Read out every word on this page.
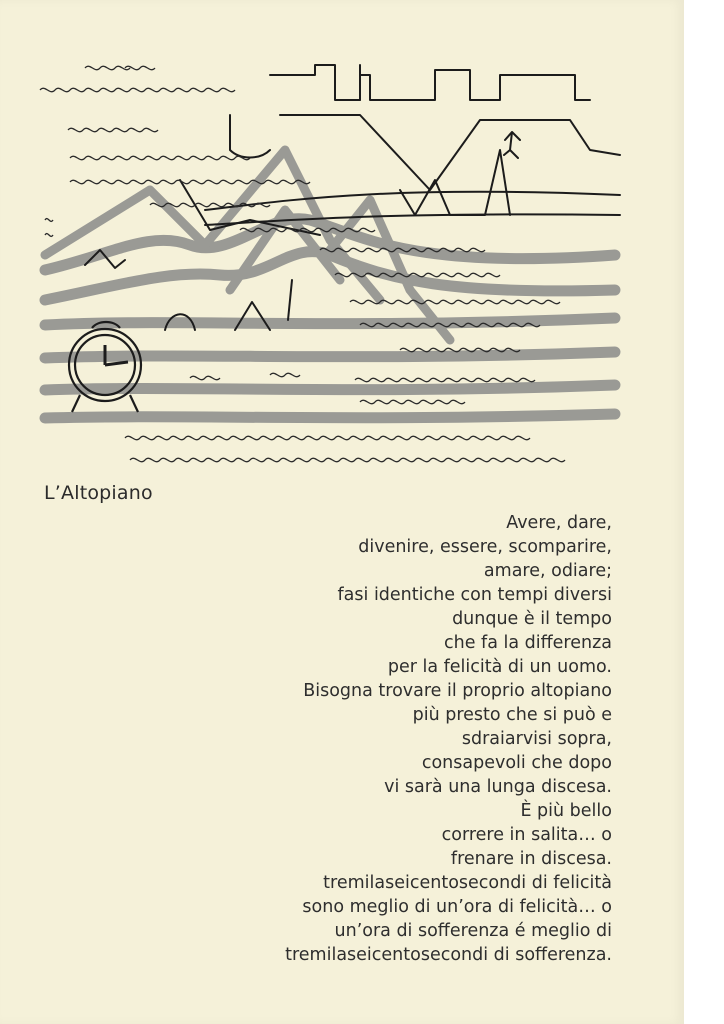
L’Altopiano
Avere, dare,
divenire, essere, scomparire,
amare, odiare;
fasi identiche con tempi diversi
dunque è il tempo
che fa la differenza
per la felicità di un uomo.
Bisogna trovare il proprio altopiano
più presto che si può e
sdraiarvisi sopra,
consapevoli che dopo
vi sarà una lunga discesa.
È più bello
correre in salita… o
frenare in discesa.
tremilaseicentosecondi di felicità
sono meglio di un’ora di felicità… o
un’ora di sofferenza é meglio di
tremilaseicentosecondi di sofferenza.
